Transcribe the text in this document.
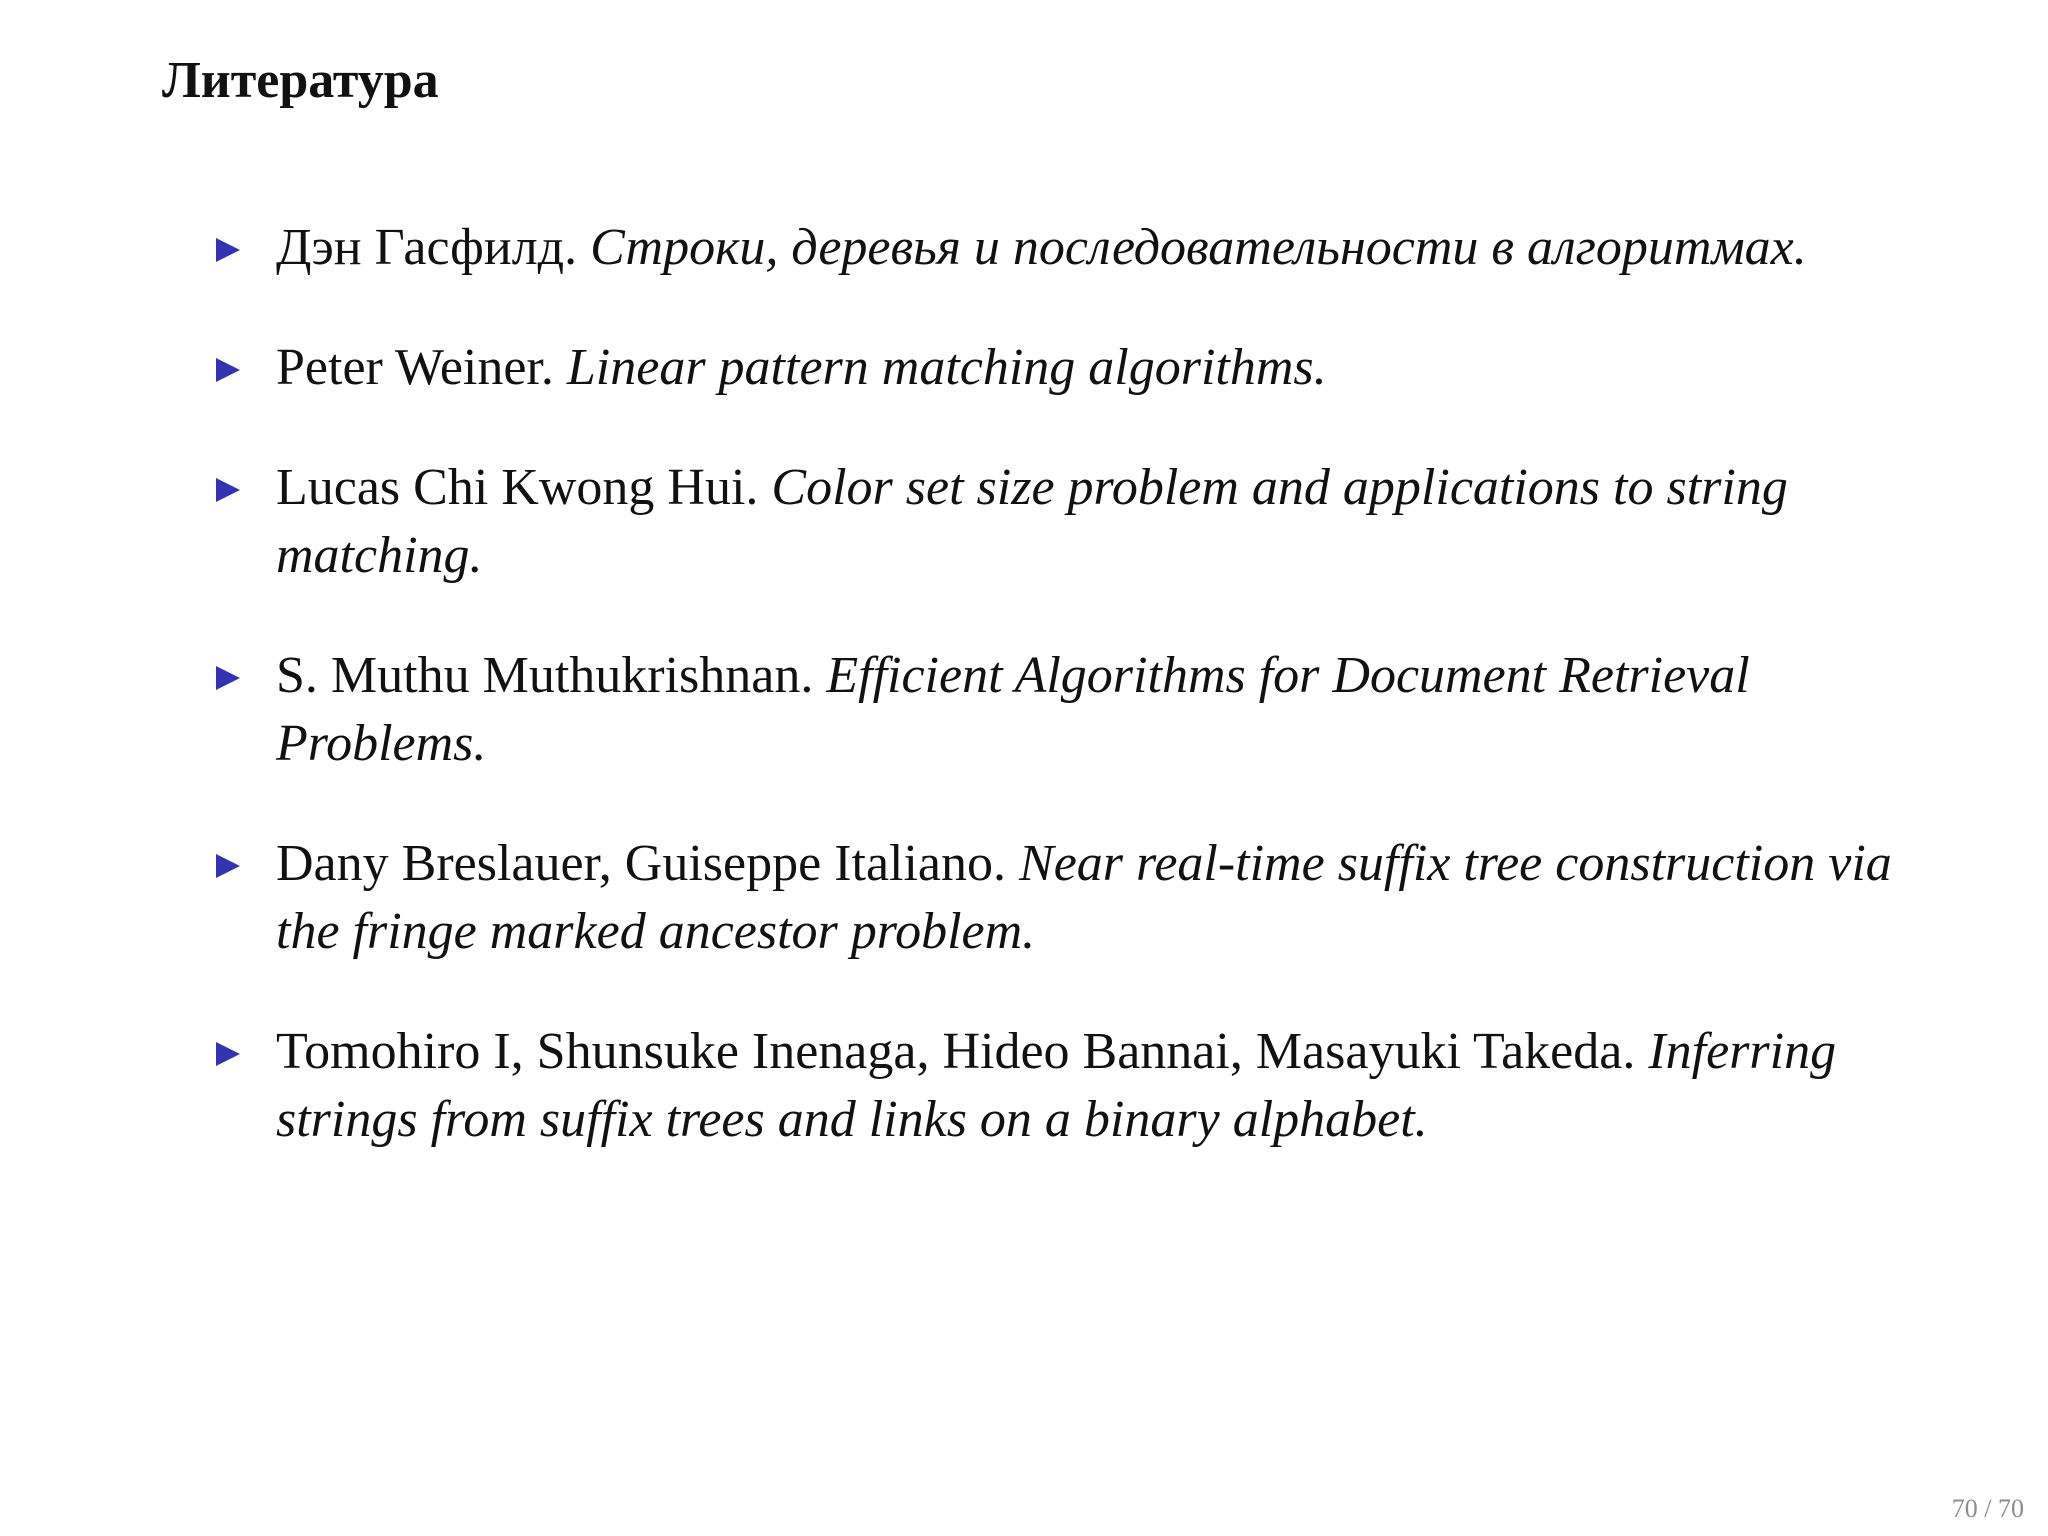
Литература
Дэн Гасфилд. Строки, деревья и последовательности в алгоритмах.
Peter Weiner. Linear pattern matching algorithms.
Lucas Chi Kwong Hui. Color set size problem and applications to string matching.
S. Muthu Muthukrishnan. Efficient Algorithms for Document Retrieval Problems.
Dany Breslauer, Guiseppe Italiano. Near real-time suffix tree construction via the fringe marked ancestor problem.
Tomohiro I, Shunsuke Inenaga, Hideo Bannai, Masayuki Takeda. Inferring strings from suffix trees and links on a binary alphabet.
70 / 70
